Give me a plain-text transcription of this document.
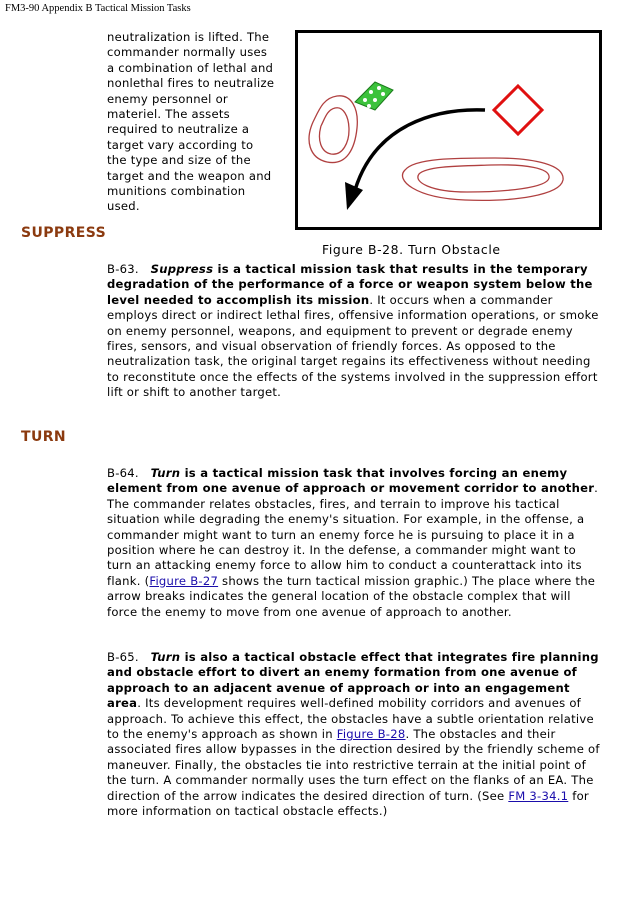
FM3-90 Appendix B Tactical Mission Tasks

neutralization is lifted. The commander normally uses a combination of lethal and nonlethal fires to neutralize enemy personnel or materiel. The assets required to neutralize a target vary according to the type and size of the target and the weapon and munitions combination used.

Figure B-28. Turn Obstacle
SUPPRESS

B-63. Suppress is a tactical mission task that results in the temporary degradation of the performance of a force or weapon system below the level needed to accomplish its mission. It occurs when a commander employs direct or indirect lethal fires, offensive information operations, or smoke on enemy personnel, weapons, and equipment to prevent or degrade enemy fires, sensors, and visual observation of friendly forces. As opposed to the neutralization task, the original target regains its effectiveness without needing to reconstitute once the effects of the systems involved in the suppression effort lift or shift to another target.

TURN

B-64. Turn is a tactical mission task that involves forcing an enemy element from one avenue of approach or movement corridor to another. The commander relates obstacles, fires, and terrain to improve his tactical situation while degrading the enemy's situation. For example, in the offense, a commander might want to turn an enemy force he is pursuing to place it in a position where he can destroy it. In the defense, a commander might want to turn an attacking enemy force to allow him to conduct a counterattack into its flank. (Figure B-27 shows the turn tactical mission graphic.) The place where the arrow breaks indicates the general location of the obstacle complex that will force the enemy to move from one avenue of approach to another.

B-65. Turn is also a tactical obstacle effect that integrates fire planning and obstacle effort to divert an enemy formation from one avenue of approach to an adjacent avenue of approach or into an engagement area. Its development requires well-defined mobility corridors and avenues of approach. To achieve this effect, the obstacles have a subtle orientation relative to the enemy's approach as shown in Figure B-28. The obstacles and their associated fires allow bypasses in the direction desired by the friendly scheme of maneuver. Finally, the obstacles tie into restrictive terrain at the initial point of the turn. A commander normally uses the turn effect on the flanks of an EA. The direction of the arrow indicates the desired direction of turn. (See FM 3-34.1 for more information on tactical obstacle effects.)
